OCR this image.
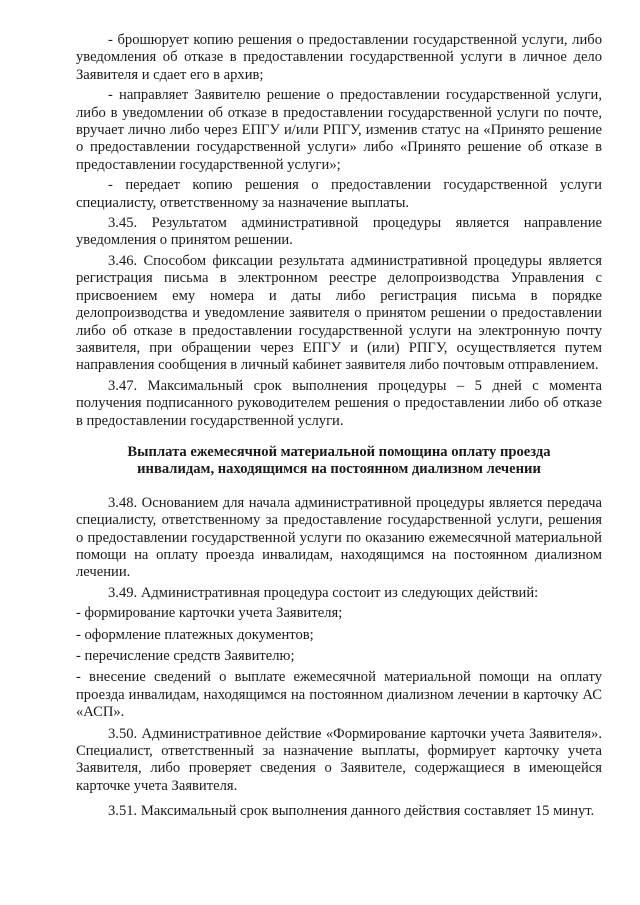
- брошюрует копию решения о предоставлении государственной услуги, либо уведомления об отказе в предоставлении государственной услуги в личное дело Заявителя и сдает его в архив;

- направляет Заявителю решение о предоставлении государственной услуги, либо в уведомлении об отказе в предоставлении государственной услуги по почте, вручает лично либо через ЕПГУ и/или РПГУ, изменив статус на «Принято решение о предоставлении государственной услуги» либо «Принято решение об отказе в предоставлении государственной услуги»;

- передает копию решения о предоставлении государственной услуги специалисту, ответственному за назначение выплаты.

3.45. Результатом административной процедуры является направление уведомления о принятом решении.

3.46. Способом фиксации результата административной процедуры является регистрация письма в электронном реестре делопроизводства Управления с присвоением ему номера и даты либо регистрация письма в порядке делопроизводства и уведомление заявителя о принятом решении о предоставлении либо об отказе в предоставлении государственной услуги на электронную почту заявителя, при обращении через ЕПГУ и (или) РПГУ, осуществляется путем направления сообщения в личный кабинет заявителя либо почтовым отправлением.

3.47. Максимальный срок выполнения процедуры – 5 дней с момента получения подписанного руководителем решения о предоставлении либо об отказе в предоставлении государственной услуги.

Выплата ежемесячной материальной помощина оплату проезда инвалидам, находящимся на постоянном диализном лечении

3.48. Основанием для начала административной процедуры является передача специалисту, ответственному за предоставление государственной услуги, решения о предоставлении государственной услуги по оказанию ежемесячной материальной помощи на оплату проезда инвалидам, находящимся на постоянном диализном лечении.

3.49. Административная процедура состоит из следующих действий:

- формирование карточки учета Заявителя;

- оформление платежных документов;

- перечисление средств Заявителю;

- внесение сведений о выплате ежемесячной материальной помощи на оплату проезда инвалидам, находящимся на постоянном диализном лечении в карточку АС «АСП».

3.50. Административное действие «Формирование карточки учета Заявителя». Специалист, ответственный за назначение выплаты, формирует карточку учета Заявителя, либо проверяет сведения о Заявителе, содержащиеся в имеющейся карточке учета Заявителя.

3.51. Максимальный срок выполнения данного действия составляет 15 минут.
